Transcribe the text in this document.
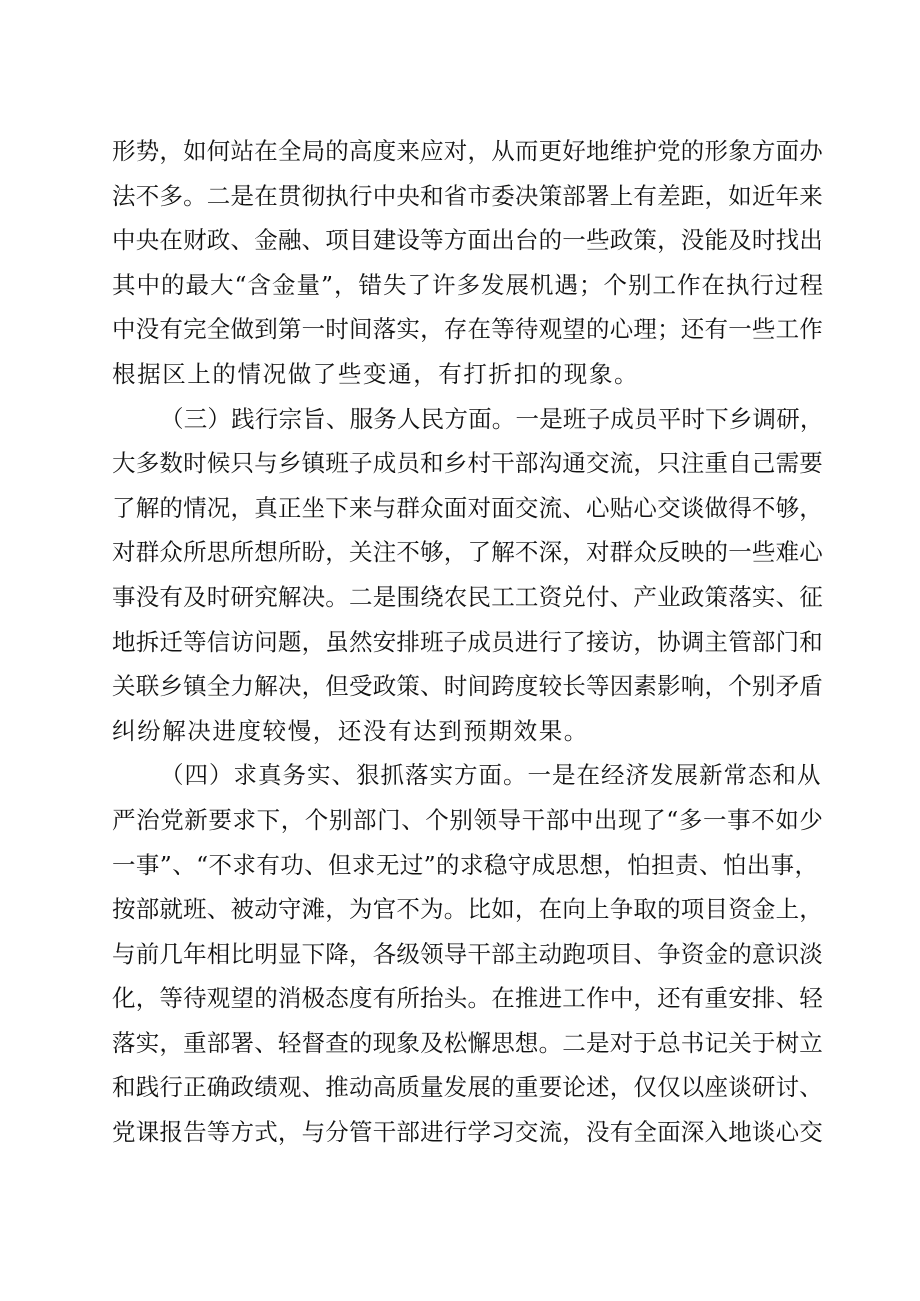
形势，如何站在全局的高度来应对，从而更好地维护党的形象方面办
法不多。二是在贯彻执行中央和省市委决策部署上有差距，如近年来
中央在财政、金融、项目建设等方面出台的一些政策，没能及时找出
其中的最大“含金量”，错失了许多发展机遇；个别工作在执行过程
中没有完全做到第一时间落实，存在等待观望的心理；还有一些工作
根据区上的情况做了些变通，有打折扣的现象。
（三）践行宗旨、服务人民方面。一是班子成员平时下乡调研，
大多数时候只与乡镇班子成员和乡村干部沟通交流，只注重自己需要
了解的情况，真正坐下来与群众面对面交流、心贴心交谈做得不够，
对群众所思所想所盼，关注不够，了解不深，对群众反映的一些难心
事没有及时研究解决。二是围绕农民工工资兑付、产业政策落实、征
地拆迁等信访问题，虽然安排班子成员进行了接访，协调主管部门和
关联乡镇全力解决，但受政策、时间跨度较长等因素影响，个别矛盾
纠纷解决进度较慢，还没有达到预期效果。
（四）求真务实、狠抓落实方面。一是在经济发展新常态和从
严治党新要求下，个别部门、个别领导干部中出现了“多一事不如少
一事”、“不求有功、但求无过”的求稳守成思想，怕担责、怕出事，
按部就班、被动守滩，为官不为。比如，在向上争取的项目资金上，
与前几年相比明显下降，各级领导干部主动跑项目、争资金的意识淡
化，等待观望的消极态度有所抬头。在推进工作中，还有重安排、轻
落实，重部署、轻督查的现象及松懈思想。二是对于总书记关于树立
和践行正确政绩观、推动高质量发展的重要论述，仅仅以座谈研讨、
党课报告等方式，与分管干部进行学习交流，没有全面深入地谈心交
